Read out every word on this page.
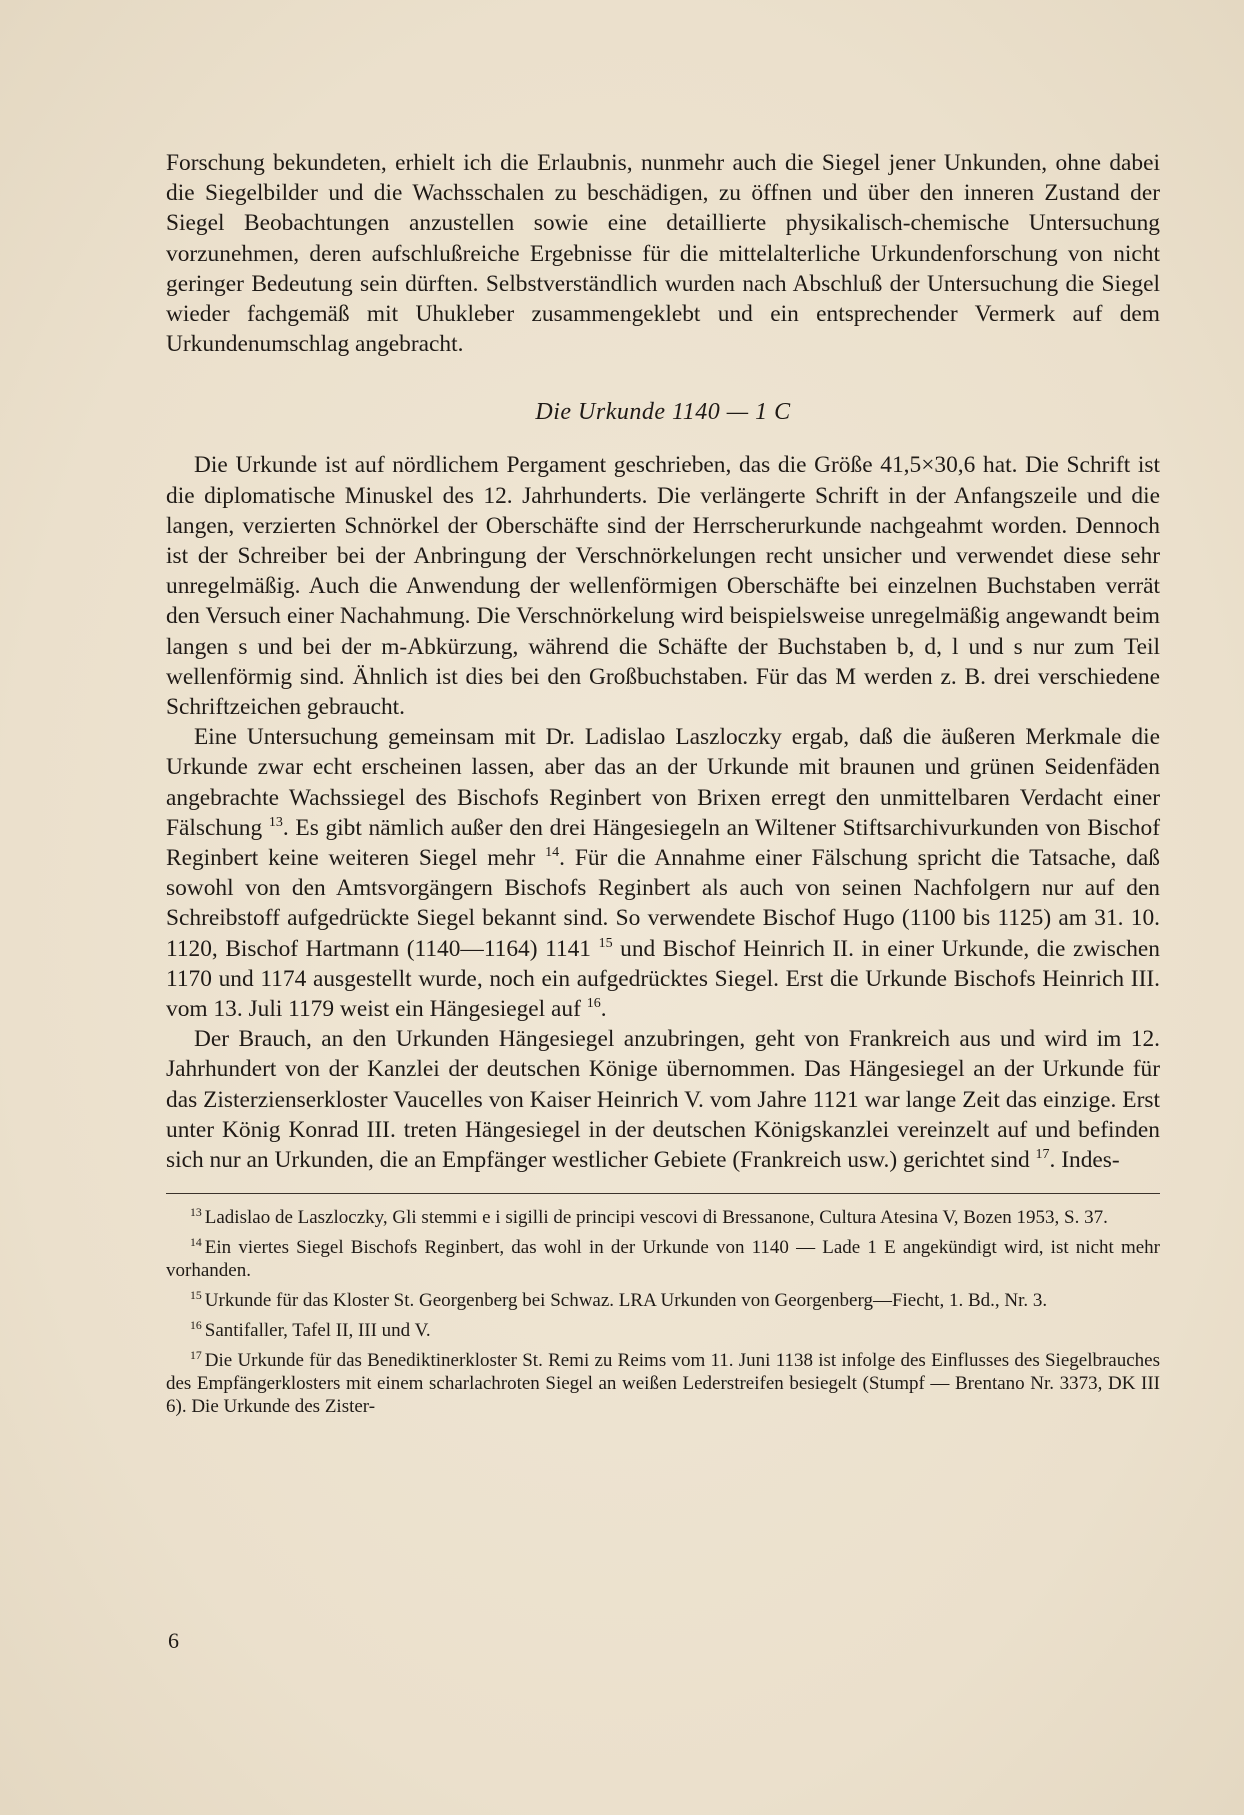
Forschung bekundeten, erhielt ich die Erlaubnis, nunmehr auch die Siegel jener Unkunden, ohne dabei die Siegelbilder und die Wachsschalen zu beschädigen, zu öffnen und über den inneren Zustand der Siegel Beobachtungen anzustellen sowie eine detaillierte physikalisch-chemische Untersuchung vorzunehmen, deren aufschlußreiche Ergebnisse für die mittelalterliche Urkundenforschung von nicht geringer Bedeutung sein dürften. Selbstverständlich wurden nach Abschluß der Untersuchung die Siegel wieder fachgemäß mit Uhukleber zusammengeklebt und ein entsprechender Vermerk auf dem Urkundenumschlag angebracht.

Die Urkunde 1140 — 1 C

Die Urkunde ist auf nördlichem Pergament geschrieben, das die Größe 41,5×30,6 hat. Die Schrift ist die diplomatische Minuskel des 12. Jahrhunderts. Die verlängerte Schrift in der Anfangszeile und die langen, verzierten Schnörkel der Oberschäfte sind der Herrscherurkunde nachgeahmt worden. Dennoch ist der Schreiber bei der Anbringung der Verschnörkelungen recht unsicher und verwendet diese sehr unregelmäßig. Auch die Anwendung der wellenförmigen Oberschäfte bei einzelnen Buchstaben verrät den Versuch einer Nachahmung. Die Verschnörkelung wird beispielsweise unregelmäßig angewandt beim langen s und bei der m-Abkürzung, während die Schäfte der Buchstaben b, d, l und s nur zum Teil wellenförmig sind. Ähnlich ist dies bei den Großbuchstaben. Für das M werden z. B. drei verschiedene Schriftzeichen gebraucht.

Eine Untersuchung gemeinsam mit Dr. Ladislao Laszloczky ergab, daß die äußeren Merkmale die Urkunde zwar echt erscheinen lassen, aber das an der Urkunde mit braunen und grünen Seidenfäden angebrachte Wachssiegel des Bischofs Reginbert von Brixen erregt den unmittelbaren Verdacht einer Fälschung $^{13}$. Es gibt nämlich außer den drei Hängesiegeln an Wiltener Stiftsarchivurkunden von Bischof Reginbert keine weiteren Siegel mehr $^{14}$. Für die Annahme einer Fälschung spricht die Tatsache, daß sowohl von den Amtsvorgängern Bischofs Reginbert als auch von seinen Nachfolgern nur auf den Schreibstoff aufgedrückte Siegel bekannt sind. So verwendete Bischof Hugo (1100 bis 1125) am 31. 10. 1120, Bischof Hartmann (1140—1164) 1141 $^{15}$ und Bischof Heinrich II. in einer Urkunde, die zwischen 1170 und 1174 ausgestellt wurde, noch ein aufgedrücktes Siegel. Erst die Urkunde Bischofs Heinrich III. vom 13. Juli 1179 weist ein Hängesiegel auf $^{16}$.

Der Brauch, an den Urkunden Hängesiegel anzubringen, geht von Frankreich aus und wird im 12. Jahrhundert von der Kanzlei der deutschen Könige übernommen. Das Hängesiegel an der Urkunde für das Zisterzienserkloster Vaucelles von Kaiser Heinrich V. vom Jahre 1121 war lange Zeit das einzige. Erst unter König Konrad III. treten Hängesiegel in der deutschen Königskanzlei vereinzelt auf und befinden sich nur an Urkunden, die an Empfänger westlicher Gebiete (Frankreich usw.) gerichtet sind $^{17}$. Indes-

$^{13}$ Ladislao de Laszloczky, Gli stemmi e i sigilli de principi vescovi di Bressanone, Cultura Atesina V, Bozen 1953, S. 37.

$^{14}$ Ein viertes Siegel Bischofs Reginbert, das wohl in der Urkunde von 1140 — Lade 1 E angekündigt wird, ist nicht mehr vorhanden.

$^{15}$ Urkunde für das Kloster St. Georgenberg bei Schwaz. LRA Urkunden von Georgenberg—Fiecht, 1. Bd., Nr. 3.

$^{16}$ Santifaller, Tafel II, III und V.

$^{17}$ Die Urkunde für das Benediktinerkloster St. Remi zu Reims vom 11. Juni 1138 ist infolge des Einflusses des Siegelbrauches des Empfängerklosters mit einem scharlachroten Siegel an weißen Lederstreifen besiegelt (Stumpf — Brentano Nr. 3373, DK III 6). Die Urkunde des Zister-

6
